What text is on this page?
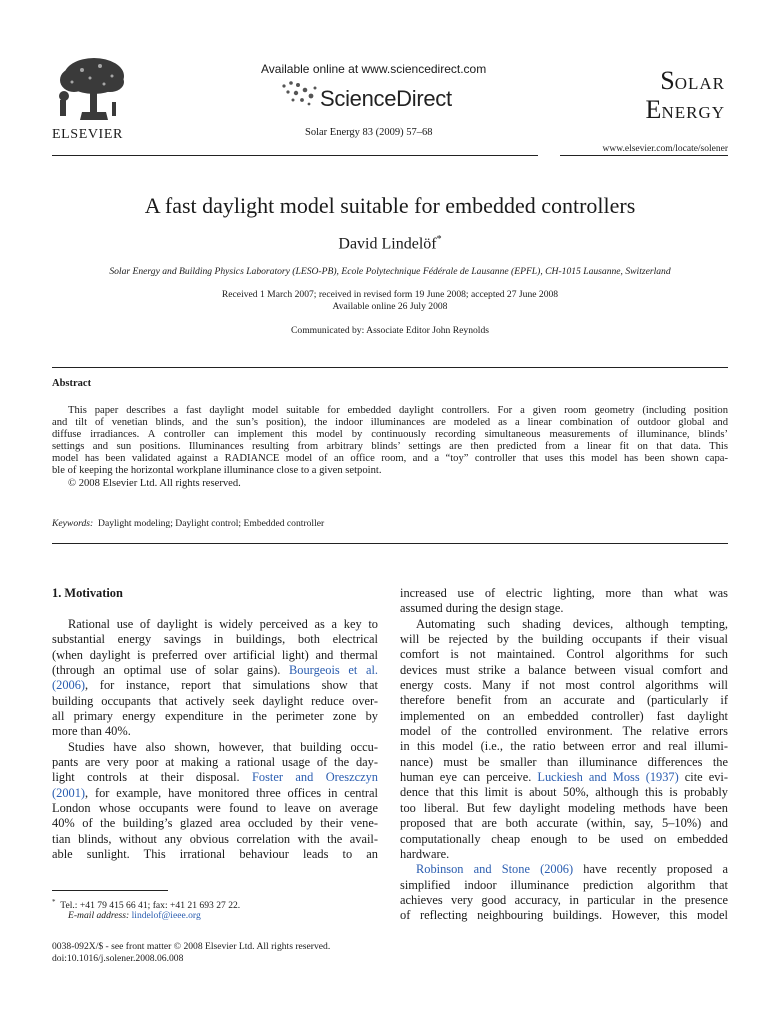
ELSEVIER
Available online at www.sciencedirect.com
ScienceDirect
Solar Energy 83 (2009) 57–68
SOLAR
ENERGY
www.elsevier.com/locate/solener
A fast daylight model suitable for embedded controllers
David Lindelöf*
Solar Energy and Building Physics Laboratory (LESO-PB), Ecole Polytechnique Fédérale de Lausanne (EPFL), CH-1015 Lausanne, Switzerland
Received 1 March 2007; received in revised form 19 June 2008; accepted 27 June 2008
Available online 26 July 2008
Communicated by: Associate Editor John Reynolds
Abstract
This paper describes a fast daylight model suitable for embedded daylight controllers. For a given room geometry (including position
and tilt of venetian blinds, and the sun’s position), the indoor illuminances are modeled as a linear combination of outdoor global and
diffuse irradiances. A controller can implement this model by continuously recording simultaneous measurements of illuminance, blinds’
settings and sun positions. Illuminances resulting from arbitrary blinds’ settings are then predicted from a linear fit on that data. This
model has been validated against a RADIANCE model of an office room, and a “toy” controller that uses this model has been shown capa-
ble of keeping the horizontal workplane illuminance close to a given setpoint.
© 2008 Elsevier Ltd. All rights reserved.
Keywords: Daylight modeling; Daylight control; Embedded controller
1. Motivation
Rational use of daylight is widely perceived as a key to
substantial energy savings in buildings, both electrical
(when daylight is preferred over artificial light) and thermal
(through an optimal use of solar gains). Bourgeois et al.
(2006), for instance, report that simulations show that
building occupants that actively seek daylight reduce over-
all primary energy expenditure in the perimeter zone by
more than 40%.
Studies have also shown, however, that building occu-
pants are very poor at making a rational usage of the day-
light controls at their disposal. Foster and Oreszczyn
(2001), for example, have monitored three offices in central
London whose occupants were found to leave on average
40% of the building’s glazed area occluded by their vene-
tian blinds, without any obvious correlation with the avail-
able sunlight. This irrational behaviour leads to an
increased use of electric lighting, more than what was
assumed during the design stage.
Automating such shading devices, although tempting,
will be rejected by the building occupants if their visual
comfort is not maintained. Control algorithms for such
devices must strike a balance between visual comfort and
energy costs. Many if not most control algorithms will
therefore benefit from an accurate and (particularly if
implemented on an embedded controller) fast daylight
model of the controlled environment. The relative errors
in this model (i.e., the ratio between error and real illumi-
nance) must be smaller than illuminance differences the
human eye can perceive. Luckiesh and Moss (1937) cite evi-
dence that this limit is about 50%, although this is probably
too liberal. But few daylight modeling methods have been
proposed that are both accurate (within, say, 5–10%) and
computationally cheap enough to be used on embedded
hardware.
Robinson and Stone (2006) have recently proposed a
simplified indoor illuminance prediction algorithm that
achieves very good accuracy, in particular in the presence
of reflecting neighbouring buildings. However, this model
* Tel.: +41 79 415 66 41; fax: +41 21 693 27 22.
E-mail address: lindelof@ieee.org
0038-092X/$ - see front matter © 2008 Elsevier Ltd. All rights reserved.
doi:10.1016/j.solener.2008.06.008
